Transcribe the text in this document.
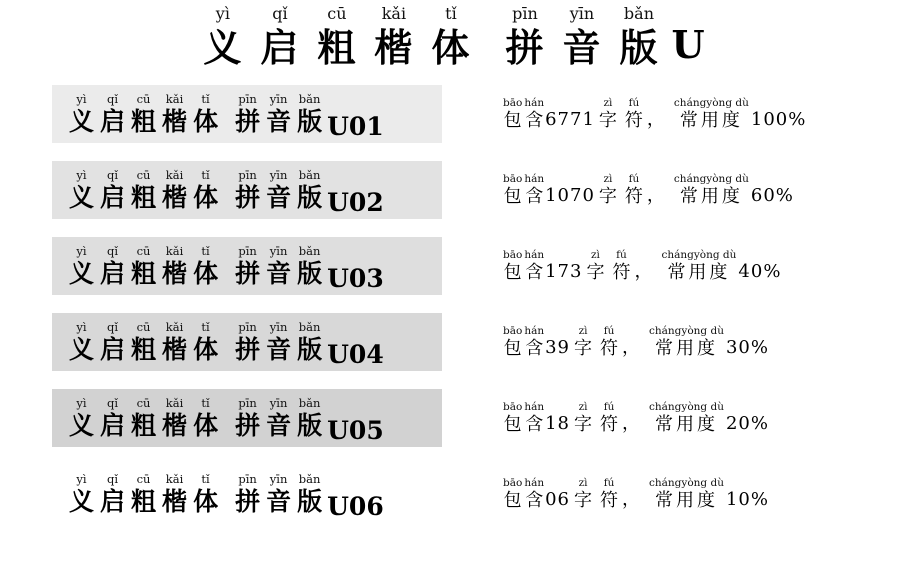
yì
义
qǐ
启
cū
粗
kǎi
楷
tǐ
体
pīn
拼
yīn
音
bǎn
版 U
yì
义
qǐ
启
cū
粗
kǎi
楷
tǐ
体
pīn
拼
yīn
音
bǎn
版 U01
bāo
包
hán
含 6771
zì
字
fú
符 ，
chángyòng dù
常用度 100%
yì
义
qǐ
启
cū
粗
kǎi
楷
tǐ
体
pīn
拼
yīn
音
bǎn
版 U02
bāo
包
hán
含 1070
zì
字
fú
符 ，
chángyòng dù
常用度 60%
yì
义
qǐ
启
cū
粗
kǎi
楷
tǐ
体
pīn
拼
yīn
音
bǎn
版 U03
bāo
包
hán
含 173
zì
字
fú
符 ，
chángyòng dù
常用度 40%
yì
义
qǐ
启
cū
粗
kǎi
楷
tǐ
体
pīn
拼
yīn
音
bǎn
版 U04
bāo
包
hán
含 39
zì
字
fú
符 ，
chángyòng dù
常用度 30%
yì
义
qǐ
启
cū
粗
kǎi
楷
tǐ
体
pīn
拼
yīn
音
bǎn
版 U05
bāo
包
hán
含 18
zì
字
fú
符 ，
chángyòng dù
常用度 20%
yì
义
qǐ
启
cū
粗
kǎi
楷
tǐ
体
pīn
拼
yīn
音
bǎn
版 U06
bāo
包
hán
含 06
zì
字
fú
符 ，
chángyòng dù
常用度 10%
